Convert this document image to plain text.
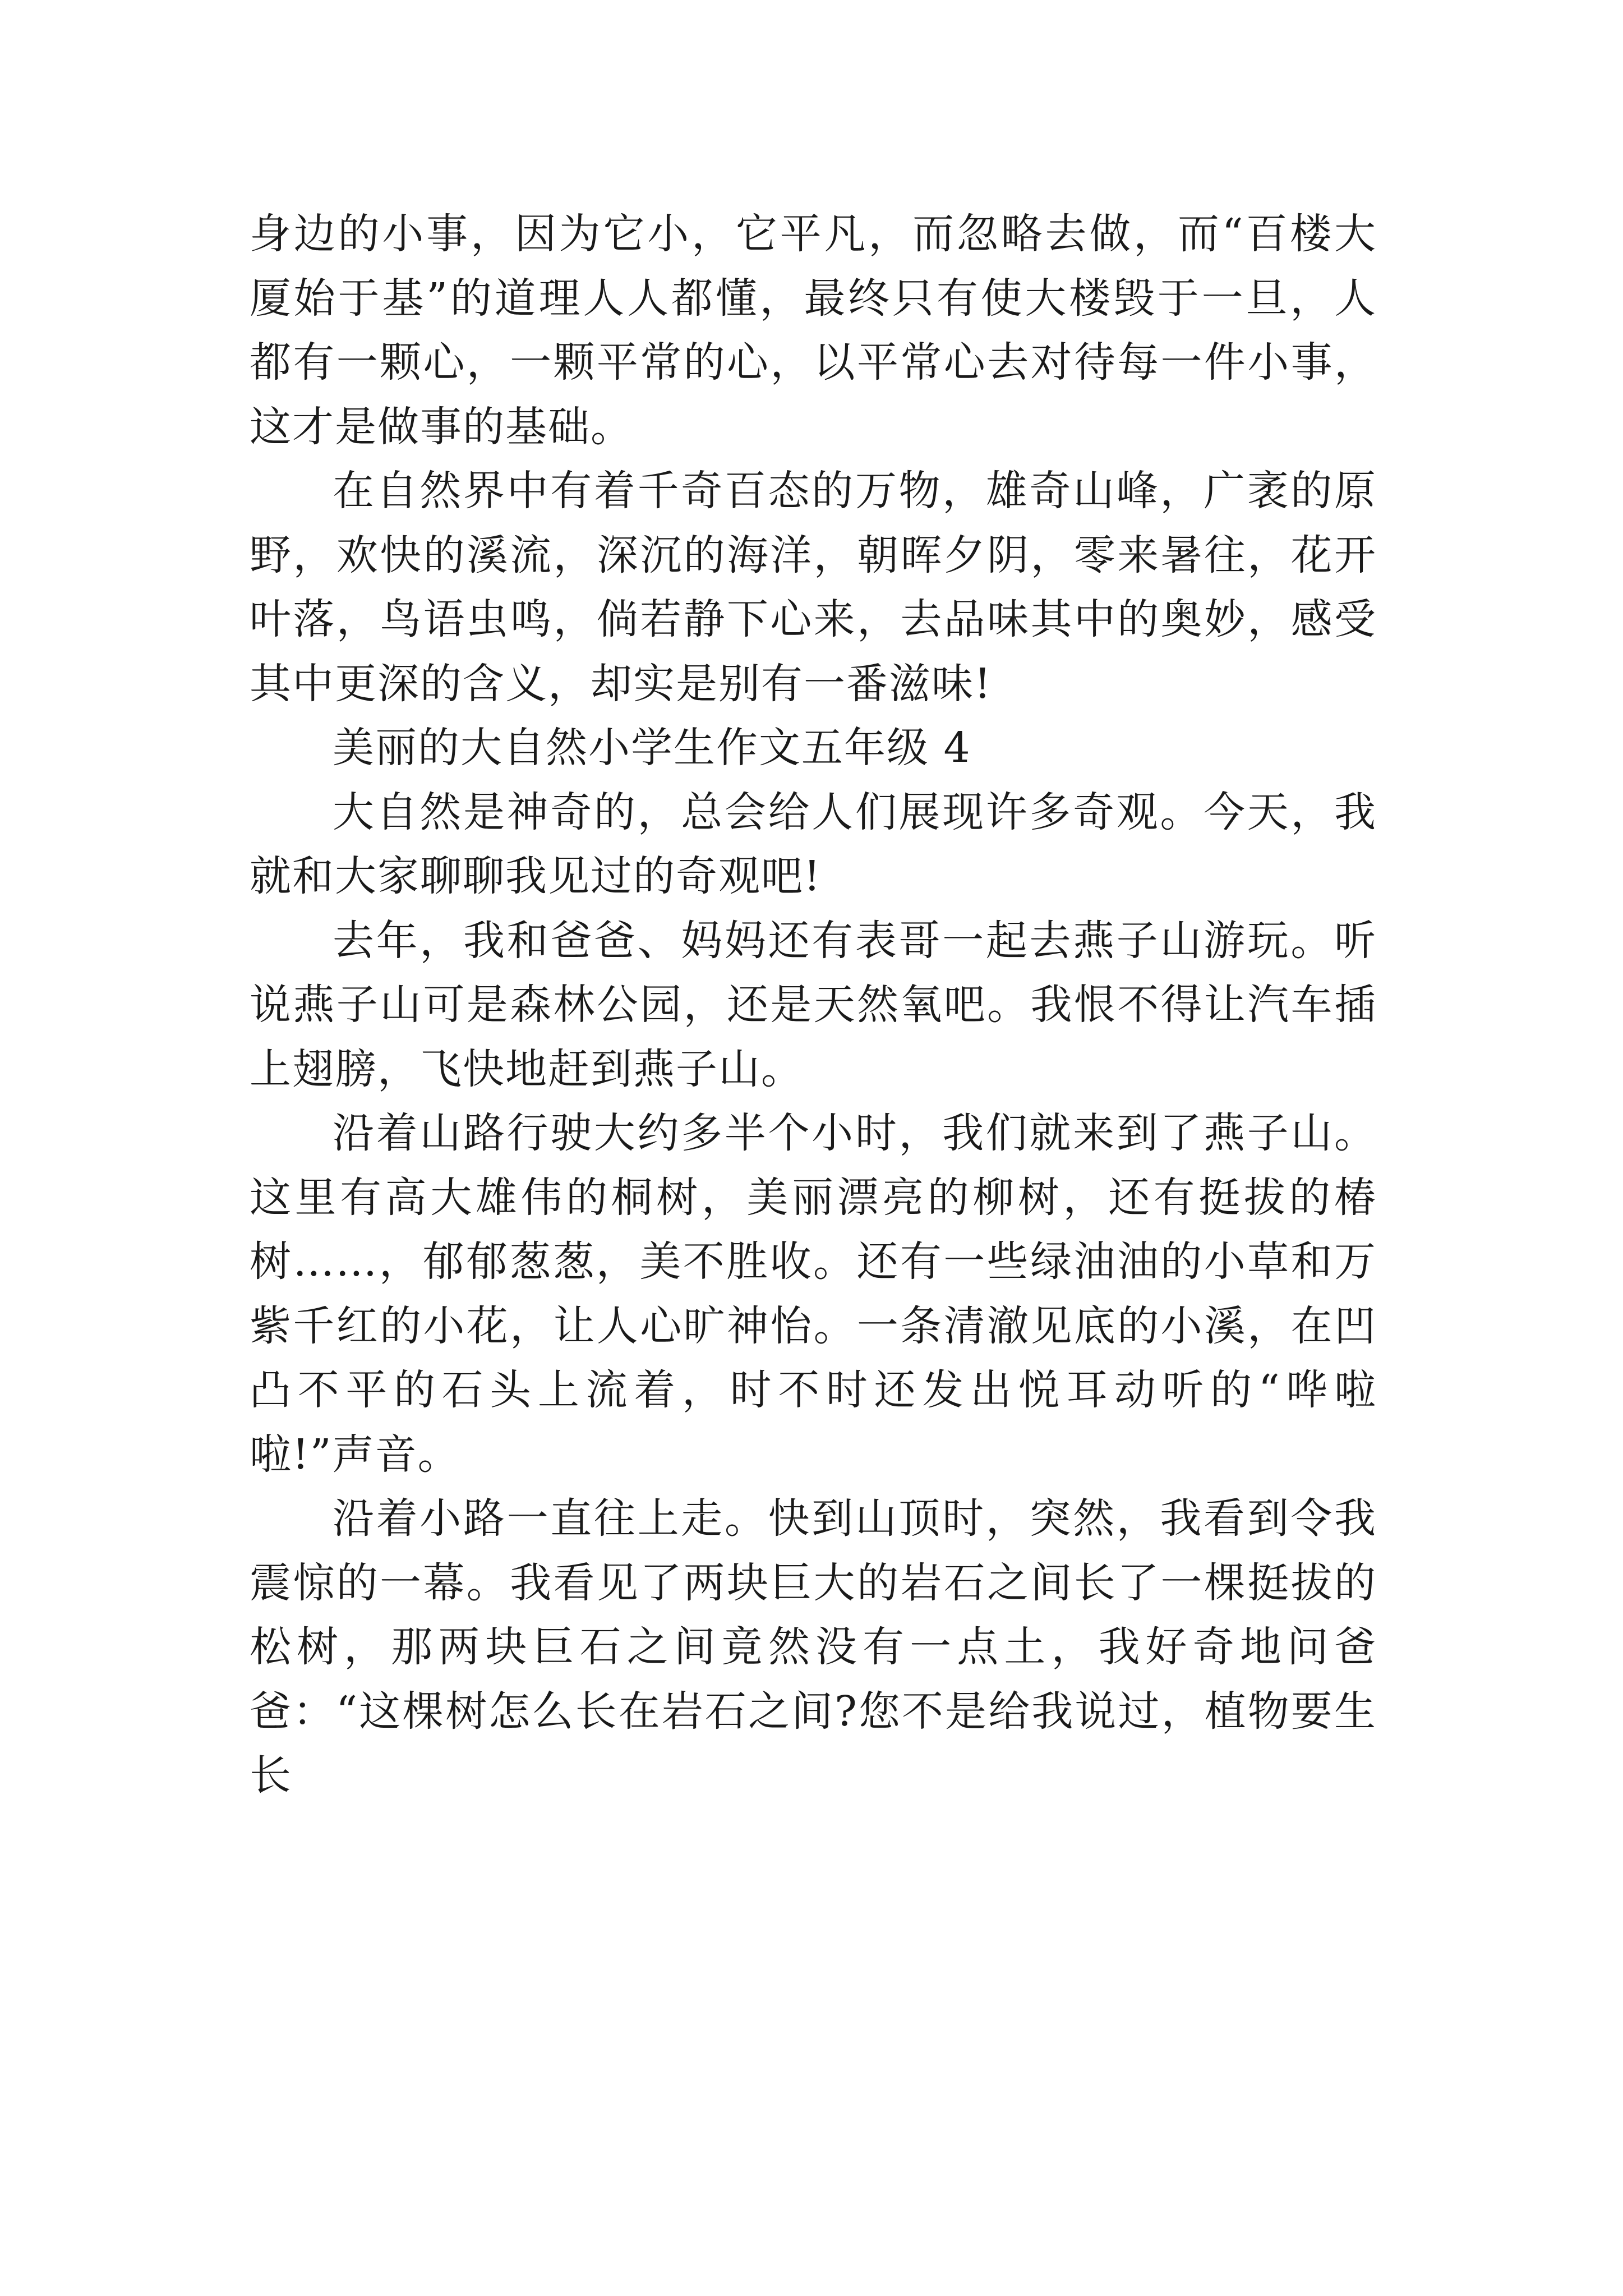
身边的小事，因为它小，它平凡，而忽略去做，而“百楼大厦始于基”的道理人人都懂，最终只有使大楼毁于一旦，人都有一颗心，一颗平常的心，以平常心去对待每一件小事，这才是做事的基础。

在自然界中有着千奇百态的万物，雄奇山峰，广袤的原野，欢快的溪流，深沉的海洋，朝晖夕阴，零来暑往，花开叶落，鸟语虫鸣，倘若静下心来，去品味其中的奥妙，感受其中更深的含义，却实是别有一番滋味!

美丽的大自然小学生作文五年级 4

大自然是神奇的，总会给人们展现许多奇观。今天，我就和大家聊聊我见过的奇观吧!

去年，我和爸爸、妈妈还有表哥一起去燕子山游玩。听说燕子山可是森林公园，还是天然氧吧。我恨不得让汽车插上翅膀，飞快地赶到燕子山。

沿着山路行驶大约多半个小时，我们就来到了燕子山。这里有高大雄伟的桐树，美丽漂亮的柳树，还有挺拔的椿树……，郁郁葱葱，美不胜收。还有一些绿油油的小草和万紫千红的小花，让人心旷神怡。一条清澈见底的小溪，在凹凸不平的石头上流着，时不时还发出悦耳动听的“哗啦啦!”声音。

沿着小路一直往上走。快到山顶时，突然，我看到令我震惊的一幕。我看见了两块巨大的岩石之间长了一棵挺拔的松树，那两块巨石之间竟然没有一点土，我好奇地问爸爸：“这棵树怎么长在岩石之间?您不是给我说过，植物要生长
